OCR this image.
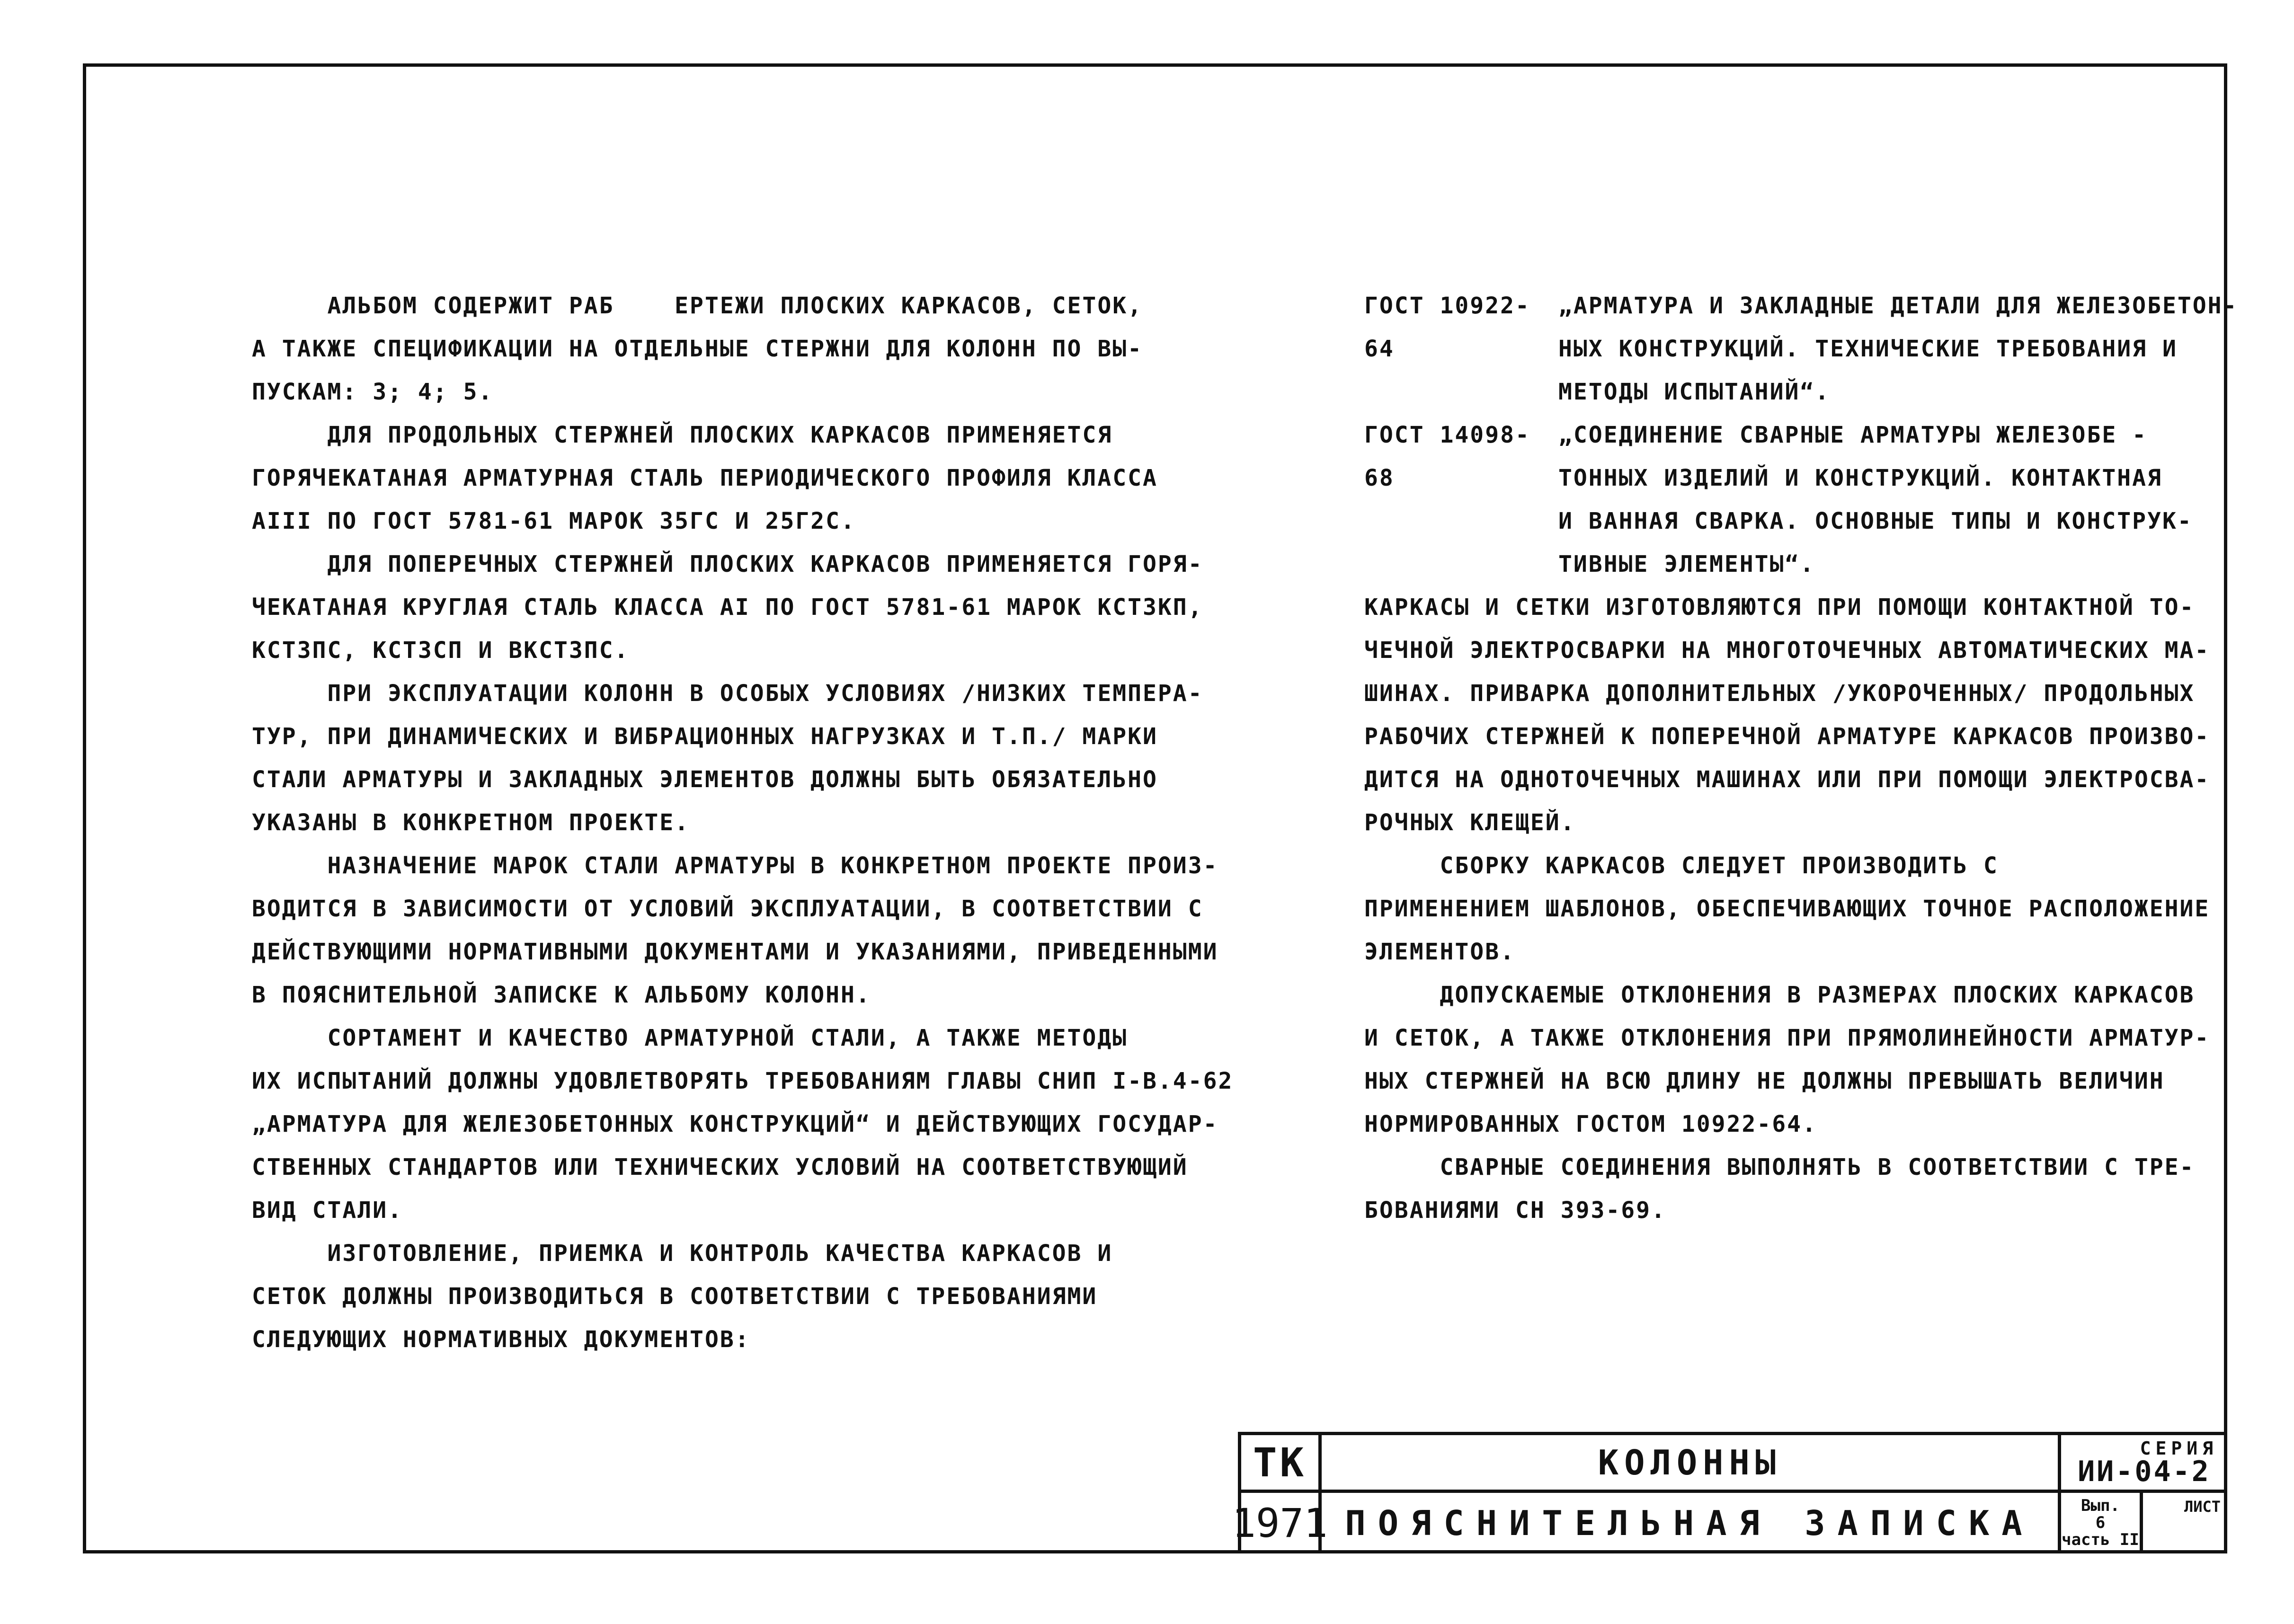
АЛЬБОМ СОДЕРЖИТ РАБ    ЕРТЕЖИ ПЛОСКИХ КАРКАСОВ, СЕТОК,
А ТАКЖЕ СПЕЦИФИКАЦИИ НА ОТДЕЛЬНЫЕ СТЕРЖНИ ДЛЯ КОЛОНН ПО ВЫ-
ПУСКАМ: 3; 4; 5.

ДЛЯ ПРОДОЛЬНЫХ СТЕРЖНЕЙ ПЛОСКИХ КАРКАСОВ ПРИМЕНЯЕТСЯ
ГОРЯЧЕКАТАНАЯ АРМАТУРНАЯ СТАЛЬ ПЕРИОДИЧЕСКОГО ПРОФИЛЯ КЛАССА
АIII ПО ГОСТ 5781-61 МАРОК 35ГС И 25Г2С.

ДЛЯ ПОПЕРЕЧНЫХ СТЕРЖНЕЙ ПЛОСКИХ КАРКАСОВ ПРИМЕНЯЕТСЯ ГОРЯ-
ЧЕКАТАНАЯ КРУГЛАЯ СТАЛЬ КЛАССА АI ПО ГОСТ 5781-61 МАРОК КСТ3КП,
КСТ3ПС, КСТ3СП И ВКСТ3ПС.

ПРИ ЭКСПЛУАТАЦИИ КОЛОНН В ОСОБЫХ УСЛОВИЯХ /НИЗКИХ ТЕМПЕРА-
ТУР, ПРИ ДИНАМИЧЕСКИХ И ВИБРАЦИОННЫХ НАГРУЗКАХ И Т.П./ МАРКИ
СТАЛИ АРМАТУРЫ И ЗАКЛАДНЫХ ЭЛЕМЕНТОВ ДОЛЖНЫ БЫТЬ ОБЯЗАТЕЛЬНО
УКАЗАНЫ В КОНКРЕТНОМ ПРОЕКТЕ.

НАЗНАЧЕНИЕ МАРОК СТАЛИ АРМАТУРЫ В КОНКРЕТНОМ ПРОЕКТЕ ПРОИЗ-
ВОДИТСЯ В ЗАВИСИМОСТИ ОТ УСЛОВИЙ ЭКСПЛУАТАЦИИ, В СООТВЕТСТВИИ С
ДЕЙСТВУЮЩИМИ НОРМАТИВНЫМИ ДОКУМЕНТАМИ И УКАЗАНИЯМИ, ПРИВЕДЕННЫМИ
В ПОЯСНИТЕЛЬНОЙ ЗАПИСКЕ К АЛЬБОМУ КОЛОНН.

СОРТАМЕНТ И КАЧЕСТВО АРМАТУРНОЙ СТАЛИ, А ТАКЖЕ МЕТОДЫ
ИХ ИСПЫТАНИЙ ДОЛЖНЫ УДОВЛЕТВОРЯТЬ ТРЕБОВАНИЯМ ГЛАВЫ СНИП I-В.4-62
„АРМАТУРА ДЛЯ ЖЕЛЕЗОБЕТОННЫХ КОНСТРУКЦИЙ“ И ДЕЙСТВУЮЩИХ ГОСУДАР-
СТВЕННЫХ СТАНДАРТОВ ИЛИ ТЕХНИЧЕСКИХ УСЛОВИЙ НА СООТВЕТСТВУЮЩИЙ
ВИД СТАЛИ.

ИЗГОТОВЛЕНИЕ, ПРИЕМКА И КОНТРОЛЬ КАЧЕСТВА КАРКАСОВ И
СЕТОК ДОЛЖНЫ ПРОИЗВОДИТЬСЯ В СООТВЕТСТВИИ С ТРЕБОВАНИЯМИ
СЛЕДУЮЩИХ НОРМАТИВНЫХ ДОКУМЕНТОВ:

ГОСТ 10922-64
„АРМАТУРА И ЗАКЛАДНЫЕ ДЕТАЛИ ДЛЯ ЖЕЛЕЗОБЕТОН-
НЫХ КОНСТРУКЦИЙ. ТЕХНИЧЕСКИЕ ТРЕБОВАНИЯ И
МЕТОДЫ ИСПЫТАНИЙ“.
ГОСТ 14098-68
„СОЕДИНЕНИЕ СВАРНЫЕ АРМАТУРЫ ЖЕЛЕЗОБЕ -
ТОННЫХ ИЗДЕЛИЙ И КОНСТРУКЦИЙ. КОНТАКТНАЯ
И ВАННАЯ СВАРКА. ОСНОВНЫЕ ТИПЫ И КОНСТРУК-
ТИВНЫЕ ЭЛЕМЕНТЫ“.

КАРКАСЫ И СЕТКИ ИЗГОТОВЛЯЮТСЯ ПРИ ПОМОЩИ КОНТАКТНОЙ ТО-
ЧЕЧНОЙ ЭЛЕКТРОСВАРКИ НА МНОГОТОЧЕЧНЫХ АВТОМАТИЧЕСКИХ МА-
ШИНАХ. ПРИВАРКА ДОПОЛНИТЕЛЬНЫХ /УКОРОЧЕННЫХ/ ПРОДОЛЬНЫХ
РАБОЧИХ СТЕРЖНЕЙ К ПОПЕРЕЧНОЙ АРМАТУРЕ КАРКАСОВ ПРОИЗВО-
ДИТСЯ НА ОДНОТОЧЕЧНЫХ МАШИНАХ ИЛИ ПРИ ПОМОЩИ ЭЛЕКТРОСВА-
РОЧНЫХ КЛЕЩЕЙ.

СБОРКУ КАРКАСОВ СЛЕДУЕТ ПРОИЗВОДИТЬ С
ПРИМЕНЕНИЕМ ШАБЛОНОВ, ОБЕСПЕЧИВАЮЩИХ ТОЧНОЕ РАСПОЛОЖЕНИЕ
ЭЛЕМЕНТОВ.

ДОПУСКАЕМЫЕ ОТКЛОНЕНИЯ В РАЗМЕРАХ ПЛОСКИХ КАРКАСОВ
И СЕТОК, А ТАКЖЕ ОТКЛОНЕНИЯ ПРИ ПРЯМОЛИНЕЙНОСТИ АРМАТУР-
НЫХ СТЕРЖНЕЙ НА ВСЮ ДЛИНУ НЕ ДОЛЖНЫ ПРЕВЫШАТЬ ВЕЛИЧИН
НОРМИРОВАННЫХ ГОСТОМ 10922-64.

СВАРНЫЕ СОЕДИНЕНИЯ ВЫПОЛНЯТЬ В СООТВЕТСТВИИ С ТРЕ-
БОВАНИЯМИ СН 393-69.

ТК
1971
КОЛОННЫ
ПОЯСНИТЕЛЬНАЯ ЗАПИСКА
СЕРИЯ
ИИ-04-2
Вып.
6
часть II
ЛИСТ
